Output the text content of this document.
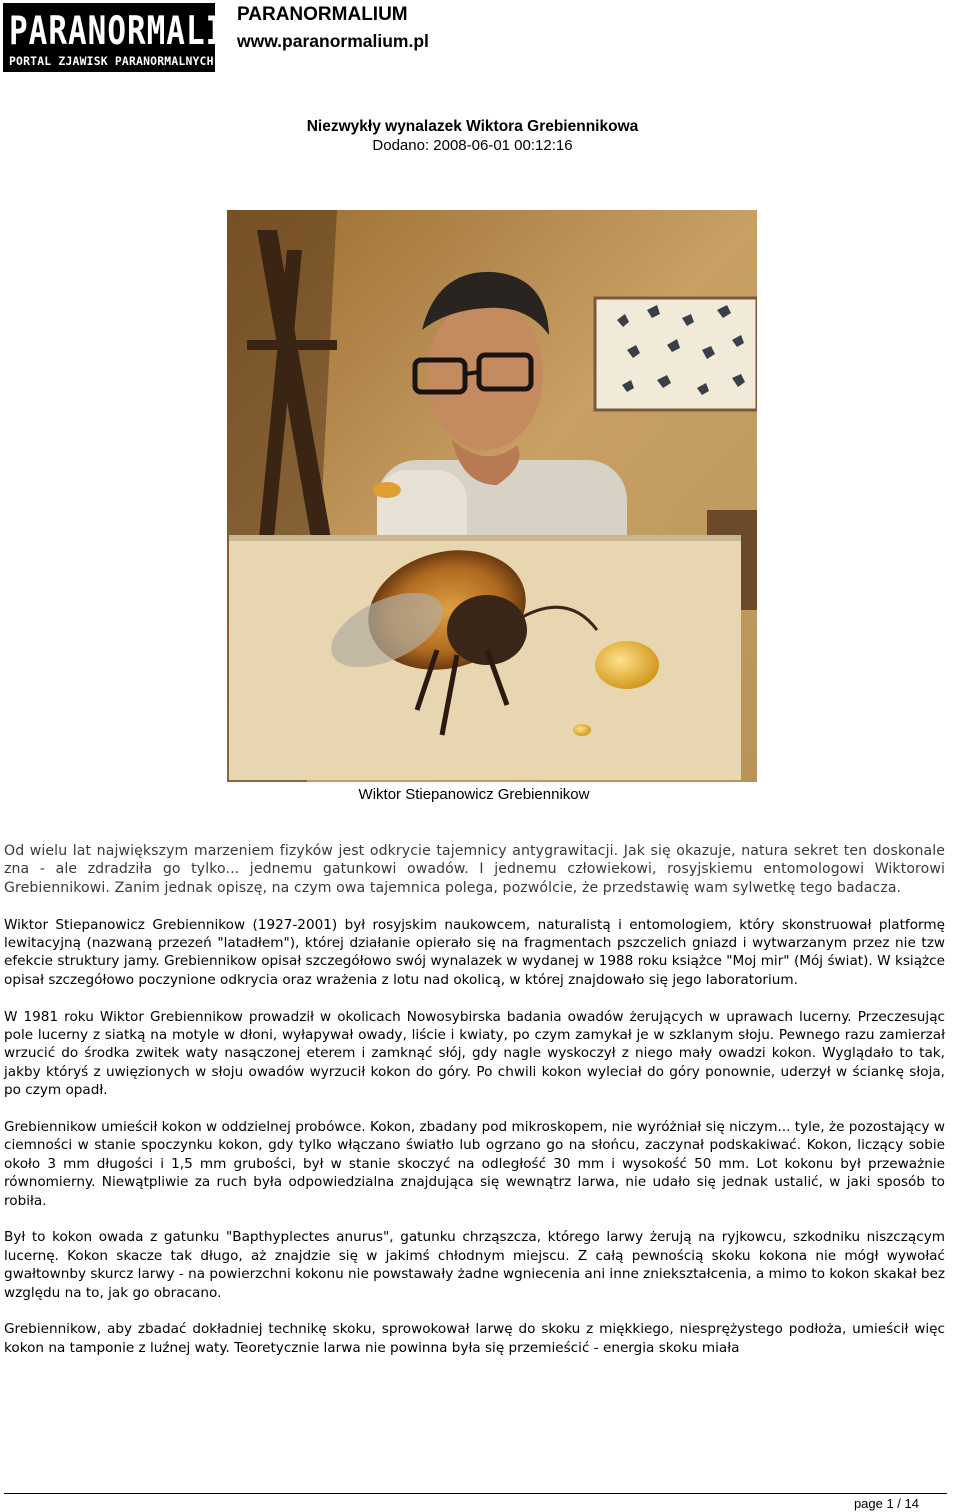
PARANORMALIUM
PORTAL ZJAWISK PARANORMALNYCH
PARANORMALIUM
www.paranormalium.pl
Niezwykły wynalazek Wiktora Grebiennikowa
Dodano: 2008-06-01 00:12:16
Wiktor Stiepanowicz Grebiennikow

Od wielu lat największym marzeniem fizyków jest odkrycie tajemnicy antygrawitacji. Jak się okazuje, natura sekret ten doskonale zna - ale zdradziła go tylko... jednemu gatunkowi owadów. I jednemu człowiekowi, rosyjskiemu entomologowi Wiktorowi Grebiennikowi. Zanim jednak opiszę, na czym owa tajemnica polega, pozwólcie, że przedstawię wam sylwetkę tego badacza.

Wiktor Stiepanowicz Grebiennikow (1927-2001) był rosyjskim naukowcem, naturalistą i entomologiem, który skonstruował platformę lewitacyjną (nazwaną przezeń "latadłem"), której działanie opierało się na fragmentach pszczelich gniazd i wytwarzanym przez nie tzw efekcie struktury jamy. Grebiennikow opisał szczegółowo swój wynalazek w wydanej w 1988 roku książce "Moj mir" (Mój świat). W książce opisał szczegółowo poczynione odkrycia oraz wrażenia z lotu nad okolicą, w której znajdowało się jego laboratorium.

W 1981 roku Wiktor Grebiennikow prowadził w okolicach Nowosybirska badania owadów żerujących w uprawach lucerny. Przeczesując pole lucerny z siatką na motyle w dłoni, wyłapywał owady, liście i kwiaty, po czym zamykał je w szklanym słoju. Pewnego razu zamierzał wrzucić do środka zwitek waty nasączonej eterem i zamknąć słój, gdy nagle wyskoczył z niego mały owadzi kokon. Wyglądało to tak, jakby któryś z uwięzionych w słoju owadów wyrzucił kokon do góry. Po chwili kokon wyleciał do góry ponownie, uderzył w ściankę słoja, po czym opadł.

Grebiennikow umieścił kokon w oddzielnej probówce. Kokon, zbadany pod mikroskopem, nie wyróżniał się niczym... tyle, że pozostający w ciemności w stanie spoczynku kokon, gdy tylko włączano światło lub ogrzano go na słońcu, zaczynał podskakiwać. Kokon, liczący sobie około 3 mm długości i 1,5 mm grubości, był w stanie skoczyć na odległość 30 mm i wysokość 50 mm. Lot kokonu był przeważnie równomierny. Niewątpliwie za ruch była odpowiedzialna znajdująca się wewnątrz larwa, nie udało się jednak ustalić, w jaki sposób to robiła.

Był to kokon owada z gatunku "Bapthyplectes anurus", gatunku chrząszcza, którego larwy żerują na ryjkowcu, szkodniku niszczącym lucernę. Kokon skacze tak długo, aż znajdzie się w jakimś chłodnym miejscu. Z całą pewnością skoku kokona nie mógł wywołać gwałtownby skurcz larwy - na powierzchni kokonu nie powstawały żadne wgniecenia ani inne zniekształcenia, a mimo to kokon skakał bez względu na to, jak go obracano.

Grebiennikow, aby zbadać dokładniej technikę skoku, sprowokował larwę do skoku z miękkiego, niesprężystego podłoża, umieścił więc kokon na tamponie z luźnej waty. Teoretycznie larwa nie powinna była się przemieścić - energia skoku miała

page 1 / 14
